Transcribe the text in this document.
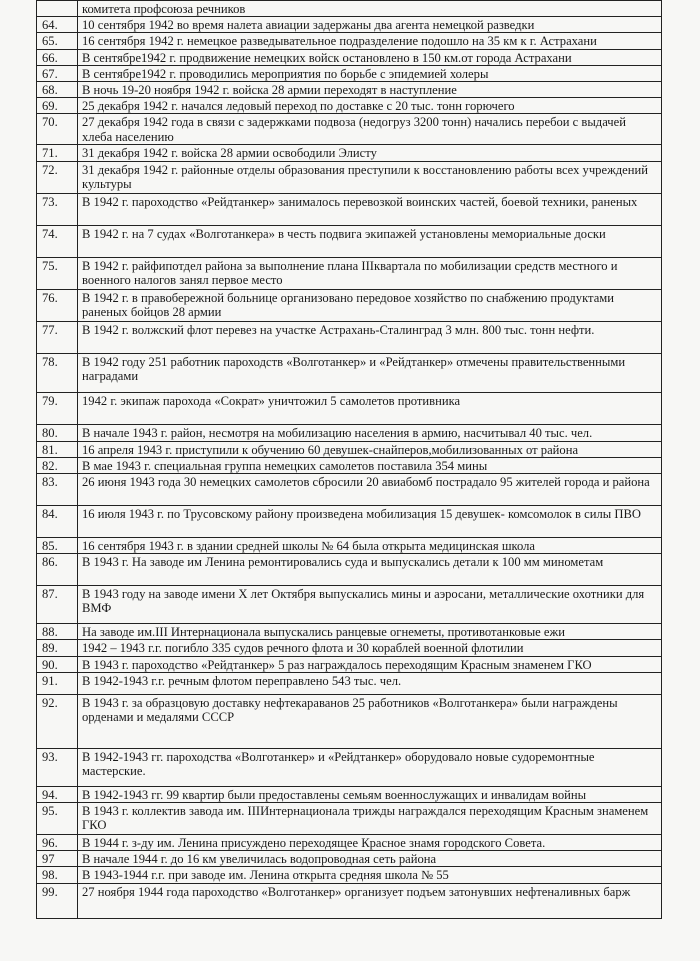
	комитета профсоюза речников
64.	10 сентября 1942 во время налета авиации задержаны два агента немецкой разведки
65.	16 сентября 1942 г. немецкое разведывательное подразделение подошло на 35 км к г. Астрахани
66.	В сентябре1942 г. продвижение немецких войск остановлено в 150 км.от города Астрахани
67.	В сентябре1942 г. проводились мероприятия по борьбе с эпидемией холеры
68.	В ночь 19-20 ноября 1942 г. войска 28 армии переходят в наступление
69.	25 декабря 1942 г. начался ледовый переход по доставке с 20 тыс. тонн горючего
70.	27 декабря 1942 года в связи с задержками подвоза (недогруз 3200 тонн) начались перебои с выдачей хлеба населению
71.	31 декабря 1942 г. войска 28 армии освободили Элисту
72.	31 декабря 1942 г. районные отделы образования преступили к восстановлению работы всех учреждений культуры
73.	В 1942 г. пароходство «Рейдтанкер» занималось перевозкой воинских частей, боевой техники, раненых
74.	В 1942 г. на 7 судах «Волготанкера» в честь подвига экипажей установлены мемориальные доски
75.	В 1942 г. райфипотдел района за выполнение плана IIIквартала по мобилизации средств местного и военного налогов занял первое место
76.	В 1942 г. в правобережной больнице организовано передовое хозяйство по снабжению продуктами раненых бойцов 28 армии
77.	В 1942 г. волжский флот перевез на участке Астрахань-Сталинград 3 млн. 800 тыс. тонн нефти.
78.	В 1942 году 251 работник пароходств «Волготанкер» и «Рейдтанкер» отмечены правительственными наградами
79.	1942 г. экипаж парохода «Сократ» уничтожил 5 самолетов противника
80.	В начале 1943 г. район, несмотря на мобилизацию населения в армию, насчитывал 40 тыс. чел.
81.	16 апреля 1943 г. приступили к обучению 60 девушек-снайперов,мобилизованных от района
82.	В мае 1943 г. специальная группа немецких самолетов поставила 354 мины
83.	26 июня 1943 года 30 немецких самолетов сбросили 20 авиабомб пострадало 95 жителей города и района
84.	16 июля 1943 г. по Трусовскому району произведена мобилизация 15 девушек- комсомолок в силы ПВО
85.	16 сентября 1943 г. в здании средней школы № 64 была открыта медицинская школа
86.	В 1943 г. На заводе им Ленина ремонтировались суда и выпускались детали к 100 мм минометам
87.	В 1943 году на заводе имени X лет Октября выпускались мины и аэросани, металлические охотники для ВМФ
88.	На заводе им.III Интернационала выпускались ранцевые огнеметы, противотанковые ежи
89.	1942 – 1943 г.г. погибло 335 судов речного флота и 30 кораблей военной флотилии
90.	В 1943 г. пароходство «Рейдтанкер» 5 раз награждалось переходящим Красным знаменем ГКО
91.	В 1942-1943 г.г. речным флотом переправлено 543 тыс. чел.
92.	В 1943 г. за образцовую доставку нефтекараванов 25 работников «Волготанкера» были награждены орденами и медалями СССР
93.	В 1942-1943 гг. пароходства «Волготанкер» и «Рейдтанкер» оборудовало новые судоремонтные мастерские.
94.	В 1942-1943 гг. 99 квартир были предоставлены семьям военнослужащих и инвалидам войны
95.	В 1943 г. коллектив завода им. IIIИнтернационала трижды награждался переходящим Красным знаменем ГКО
96.	В 1944 г. з-ду им. Ленина присуждено переходящее Красное знамя городского Совета.
97	В начале 1944 г. до 16 км увеличилась водопроводная сеть района
98.	В 1943-1944 г.г. при заводе им. Ленина открыта средняя школа № 55
99.	27 ноября 1944 года пароходство «Волготанкер» организует подъем затонувших нефтеналивных барж
